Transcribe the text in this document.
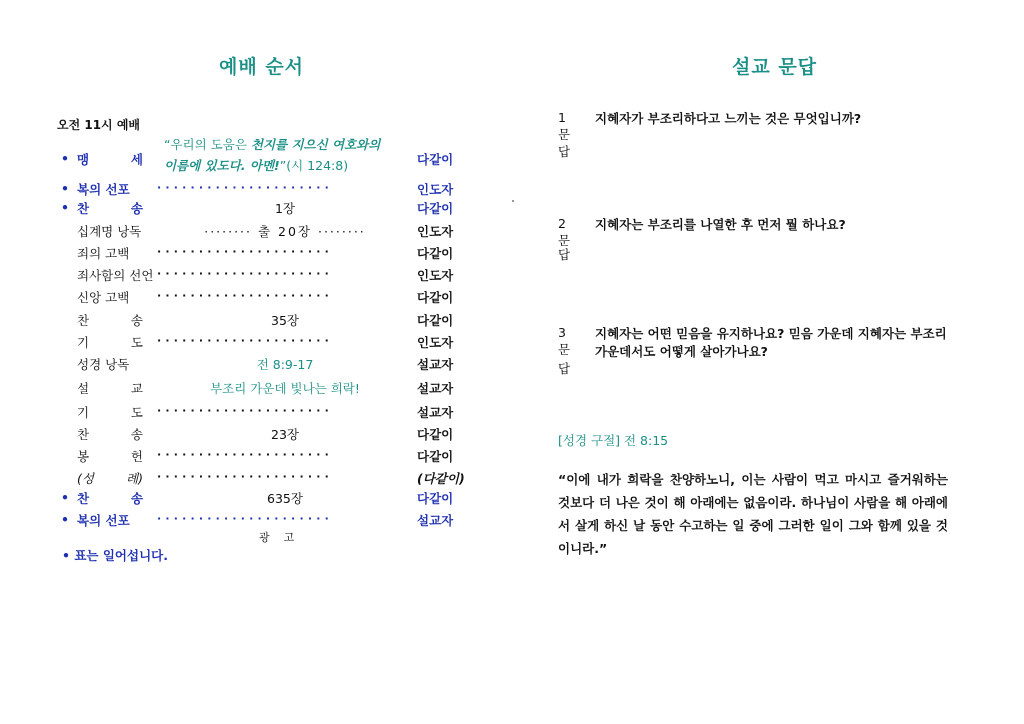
예배 순서	설교 문답
오전 11시 예배
“우리의 도움은 천지를 지으신 여호와의
이름에 있도다. 아멘!”(시 124:8)
• 맹	세	다같이
• 복의 선포	·····················	인도자
• 찬	송	1장	다같이
십계명 낭독	········ 출 20장 ········	인도자
죄의 고백	·····················	다같이
죄사함의 선언 ·····················	인도자
신앙 고백	·····················	다같이
찬	송	35장	다같이
기	도 ·····················	인도자
성경 낭독	전 8:9-17	설교자
설	교	부조리 가운데 빛나는 희락!	설교자
기	도 ·····················	설교자
찬	송	23장	다같이
봉	헌 ·····················	다같이
(성	례) ·····················	(다같이)
• 찬	송	635장	다같이
• 복의 선포	·····················	설교자
광고
• 표는 일어섭니다.
1문
지혜자가 부조리하다고 느끼는 것은 무엇입니까?
답
2문
지혜자는 부조리를 나열한 후 먼저 뭘 하나요?
답
3문
지혜자는 어떤 믿음을 유지하나요? 믿음 가운데 지혜자는 부조리 가운데서도 어떻게 살아가나요?
답
[성경 구절] 전 8:15
“이에 내가 희락을 찬양하노니, 이는 사람이 먹고 마시고 즐거워하는 것보다 더 나은 것이 해 아래에는 없음이라. 하나님이 사람을 해 아래에서 살게 하신 날 동안 수고하는 일 중에 그러한 일이 그와 함께 있을 것이니라.”
